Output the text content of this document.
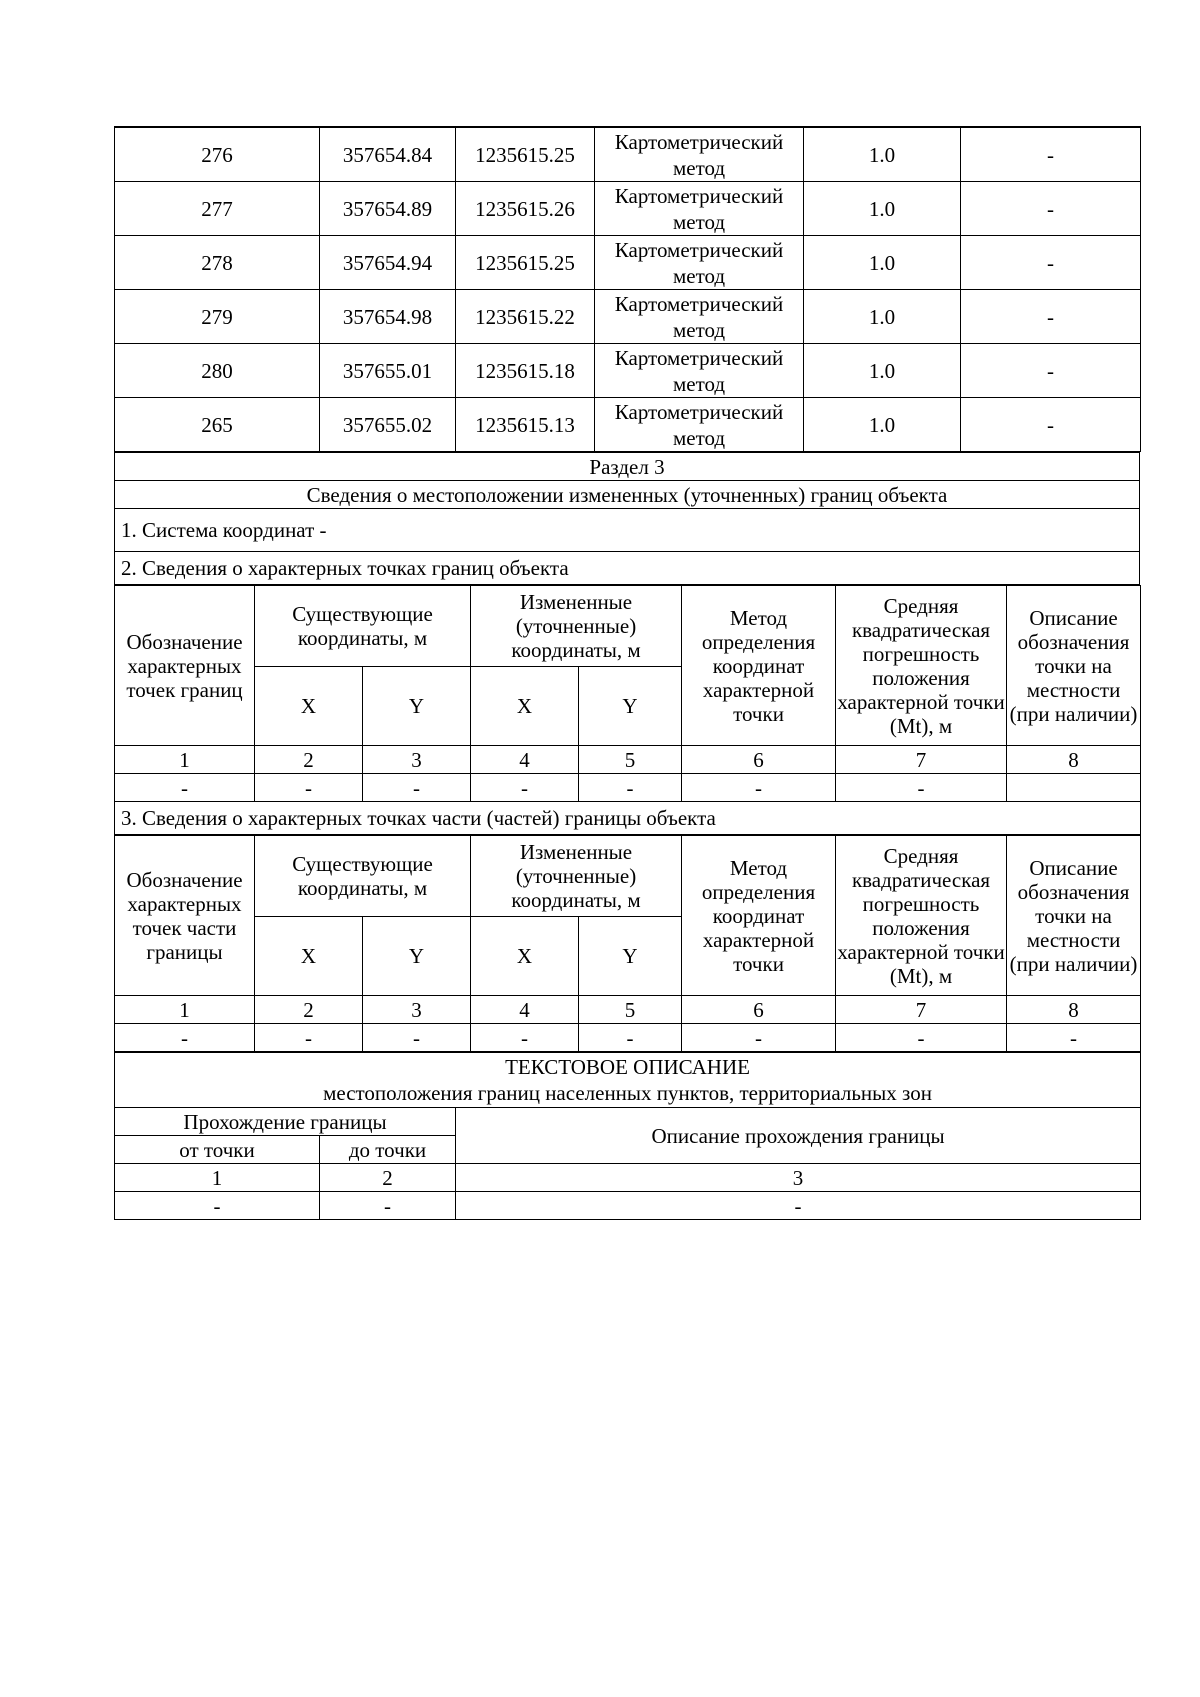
276	357654.84	1235615.25	Картометрический метод	1.0	-
277	357654.89	1235615.26	Картометрический метод	1.0	-
278	357654.94	1235615.25	Картометрический метод	1.0	-
279	357654.98	1235615.22	Картометрический метод	1.0	-
280	357655.01	1235615.18	Картометрический метод	1.0	-
265	357655.02	1235615.13	Картометрический метод	1.0	-
Раздел 3
Сведения о местоположении измененных (уточненных) границ объекта
1. Система координат -
2. Сведения о характерных точках границ объекта
Обозначение характерных точек границ	Существующие координаты, м		Измененные (уточненные) координаты, м		Метод определения координат характерной точки	Средняя квадратическая погрешность положения характерной точки (Mt), м	Описание обозначения точки на местности (при наличии)
	X	Y	X	Y			
1	2	3	4	5	6	7	8
-	-	-	-	-	-	-	
3. Сведения о характерных точках части (частей) границы объекта							
Обозначение характерных точек части границы	Существующие координаты, м		Измененные (уточненные) координаты, м		Метод определения координат характерной точки	Средняя квадратическая погрешность положения характерной точки (Mt), м	Описание обозначения точки на местности (при наличии)
	X	Y	X	Y			
1	2	3	4	5	6	7	8
-	-	-	-	-	-	-	-
ТЕКСТОВОЕ ОПИСАНИЕ
местоположения границ населенных пунктов, территориальных зон		

Прохождение границы		Описание прохождения границы
от точки	до точки	
1	2	3
-	-	-
